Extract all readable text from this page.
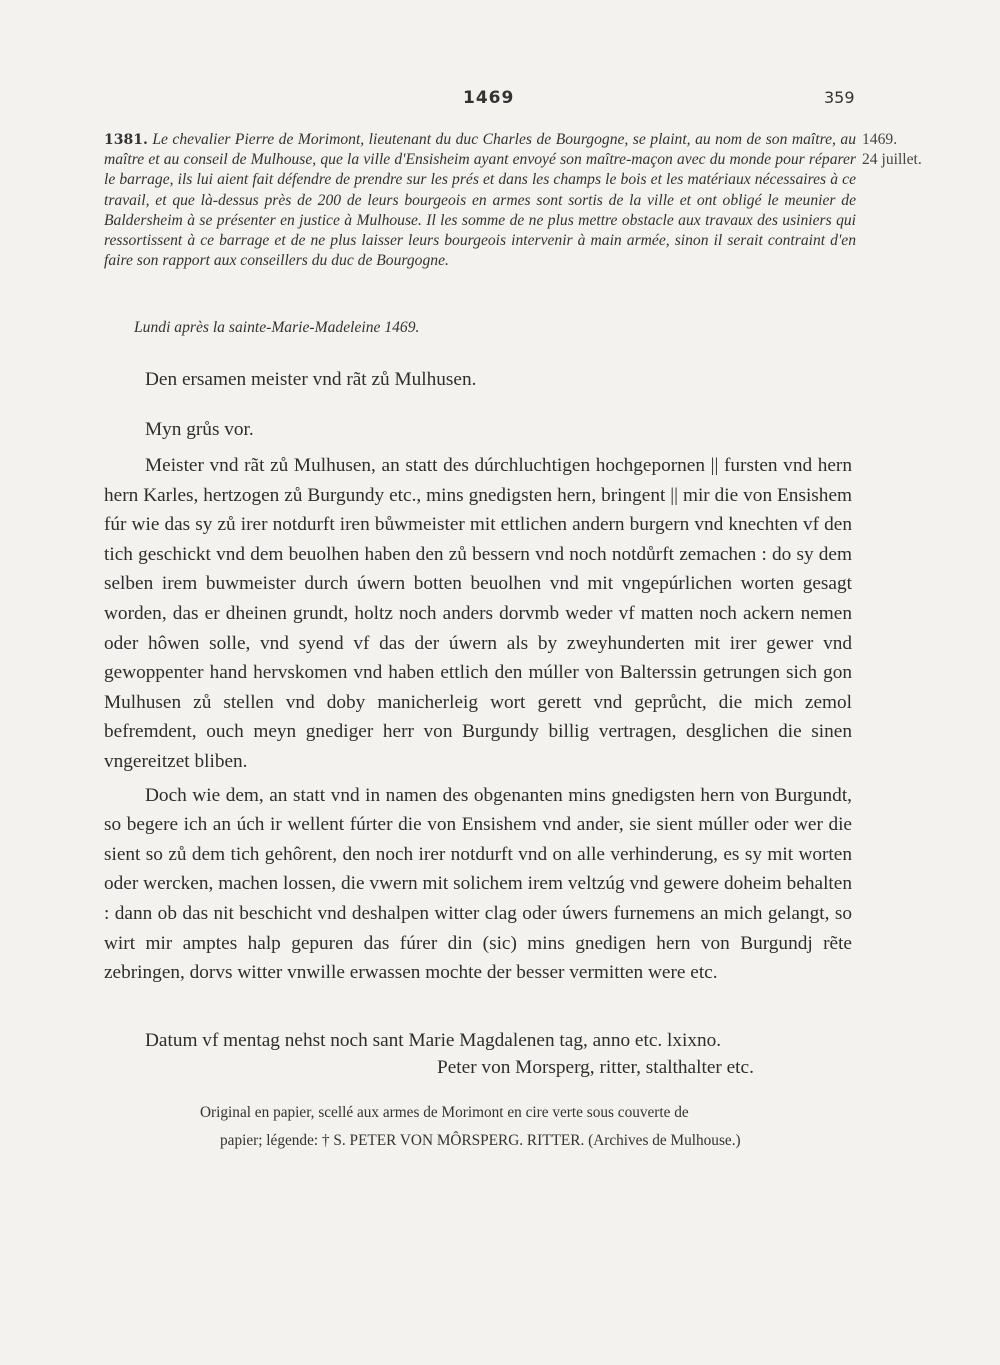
1469	359
1381. Le chevalier Pierre de Morimont, lieutenant du duc Charles de Bourgogne, se plaint, au nom de son maître, au maître et au conseil de Mulhouse, que la ville d'Ensisheim ayant envoyé son maître-maçon avec du monde pour réparer le barrage, ils lui aient fait défendre de prendre sur les prés et dans les champs le bois et les matériaux nécessaires à ce travail, et que là-dessus près de 200 de leurs bourgeois en armes sont sortis de la ville et ont obligé le meunier de Baldersheim à se présenter en justice à Mulhouse. Il les somme de ne plus mettre obstacle aux travaux des usiniers qui ressortissent à ce barrage et de ne plus laisser leurs bourgeois intervenir à main armée, sinon il serait contraint d'en faire son rapport aux conseillers du duc de Bourgogne.
1469.
24 juillet.
Lundi après la sainte-Marie-Madeleine 1469.
Den ersamen meister vnd rãt zů Mulhusen.
Myn grůs vor.

Meister vnd rãt zů Mulhusen, an statt des dúrchluchtigen hochgepornen || fursten vnd hern hern Karles, hertzogen zů Burgundy etc., mins gnedigsten hern, bringent || mir die von Ensishem fúr wie das sy zů irer notdurft iren bůwmeister mit ettlichen andern burgern vnd knechten vf den tich geschickt vnd dem beuolhen haben den zů bessern vnd noch notdůrft zemachen : do sy dem selben irem buwmeister durch úwern botten beuolhen vnd mit vngepúrlichen worten gesagt worden, das er dheinen grundt, holtz noch anders dorvmb weder vf matten noch ackern nemen oder hôwen solle, vnd syend vf das der úwern als by zweyhunderten mit irer gewer vnd gewoppenter hand hervskomen vnd haben ettlich den múller von Balterssin getrungen sich gon Mulhusen zů stellen vnd doby manicherleig wort gerett vnd geprůcht, die mich zemol befremdent, ouch meyn gnediger herr von Burgundy billig vertragen, desglichen die sinen vngereitzet bliben.

Doch wie dem, an statt vnd in namen des obgenanten mins gnedigsten hern von Burgundt, so begere ich an úch ir wellent fúrter die von Ensishem vnd ander, sie sient múller oder wer die sient so zů dem tich gehôrent, den noch irer notdurft vnd on alle verhinderung, es sy mit worten oder wercken, machen lossen, die vwern mit solichem irem veltzúg vnd gewere doheim behalten : dann ob das nit beschicht vnd deshalpen witter clag oder úwers furnemens an mich gelangt, so wirt mir amptes halp gepuren das fúrer din (sic) mins gnedigen hern von Burgundj rẽte zebringen, dorvs witter vnwille erwassen mochte der besser vermitten were etc.

Datum vf mentag nehst noch sant Marie Magdalenen tag, anno etc. lxixno.
Peter von Morsperg, ritter, stalthalter etc.
Original en papier, scellé aux armes de Morimont en cire verte sous couverte de
papier; légende: † S. PETER VON MÔRSPERG. RITTER. (Archives de Mulhouse.)
